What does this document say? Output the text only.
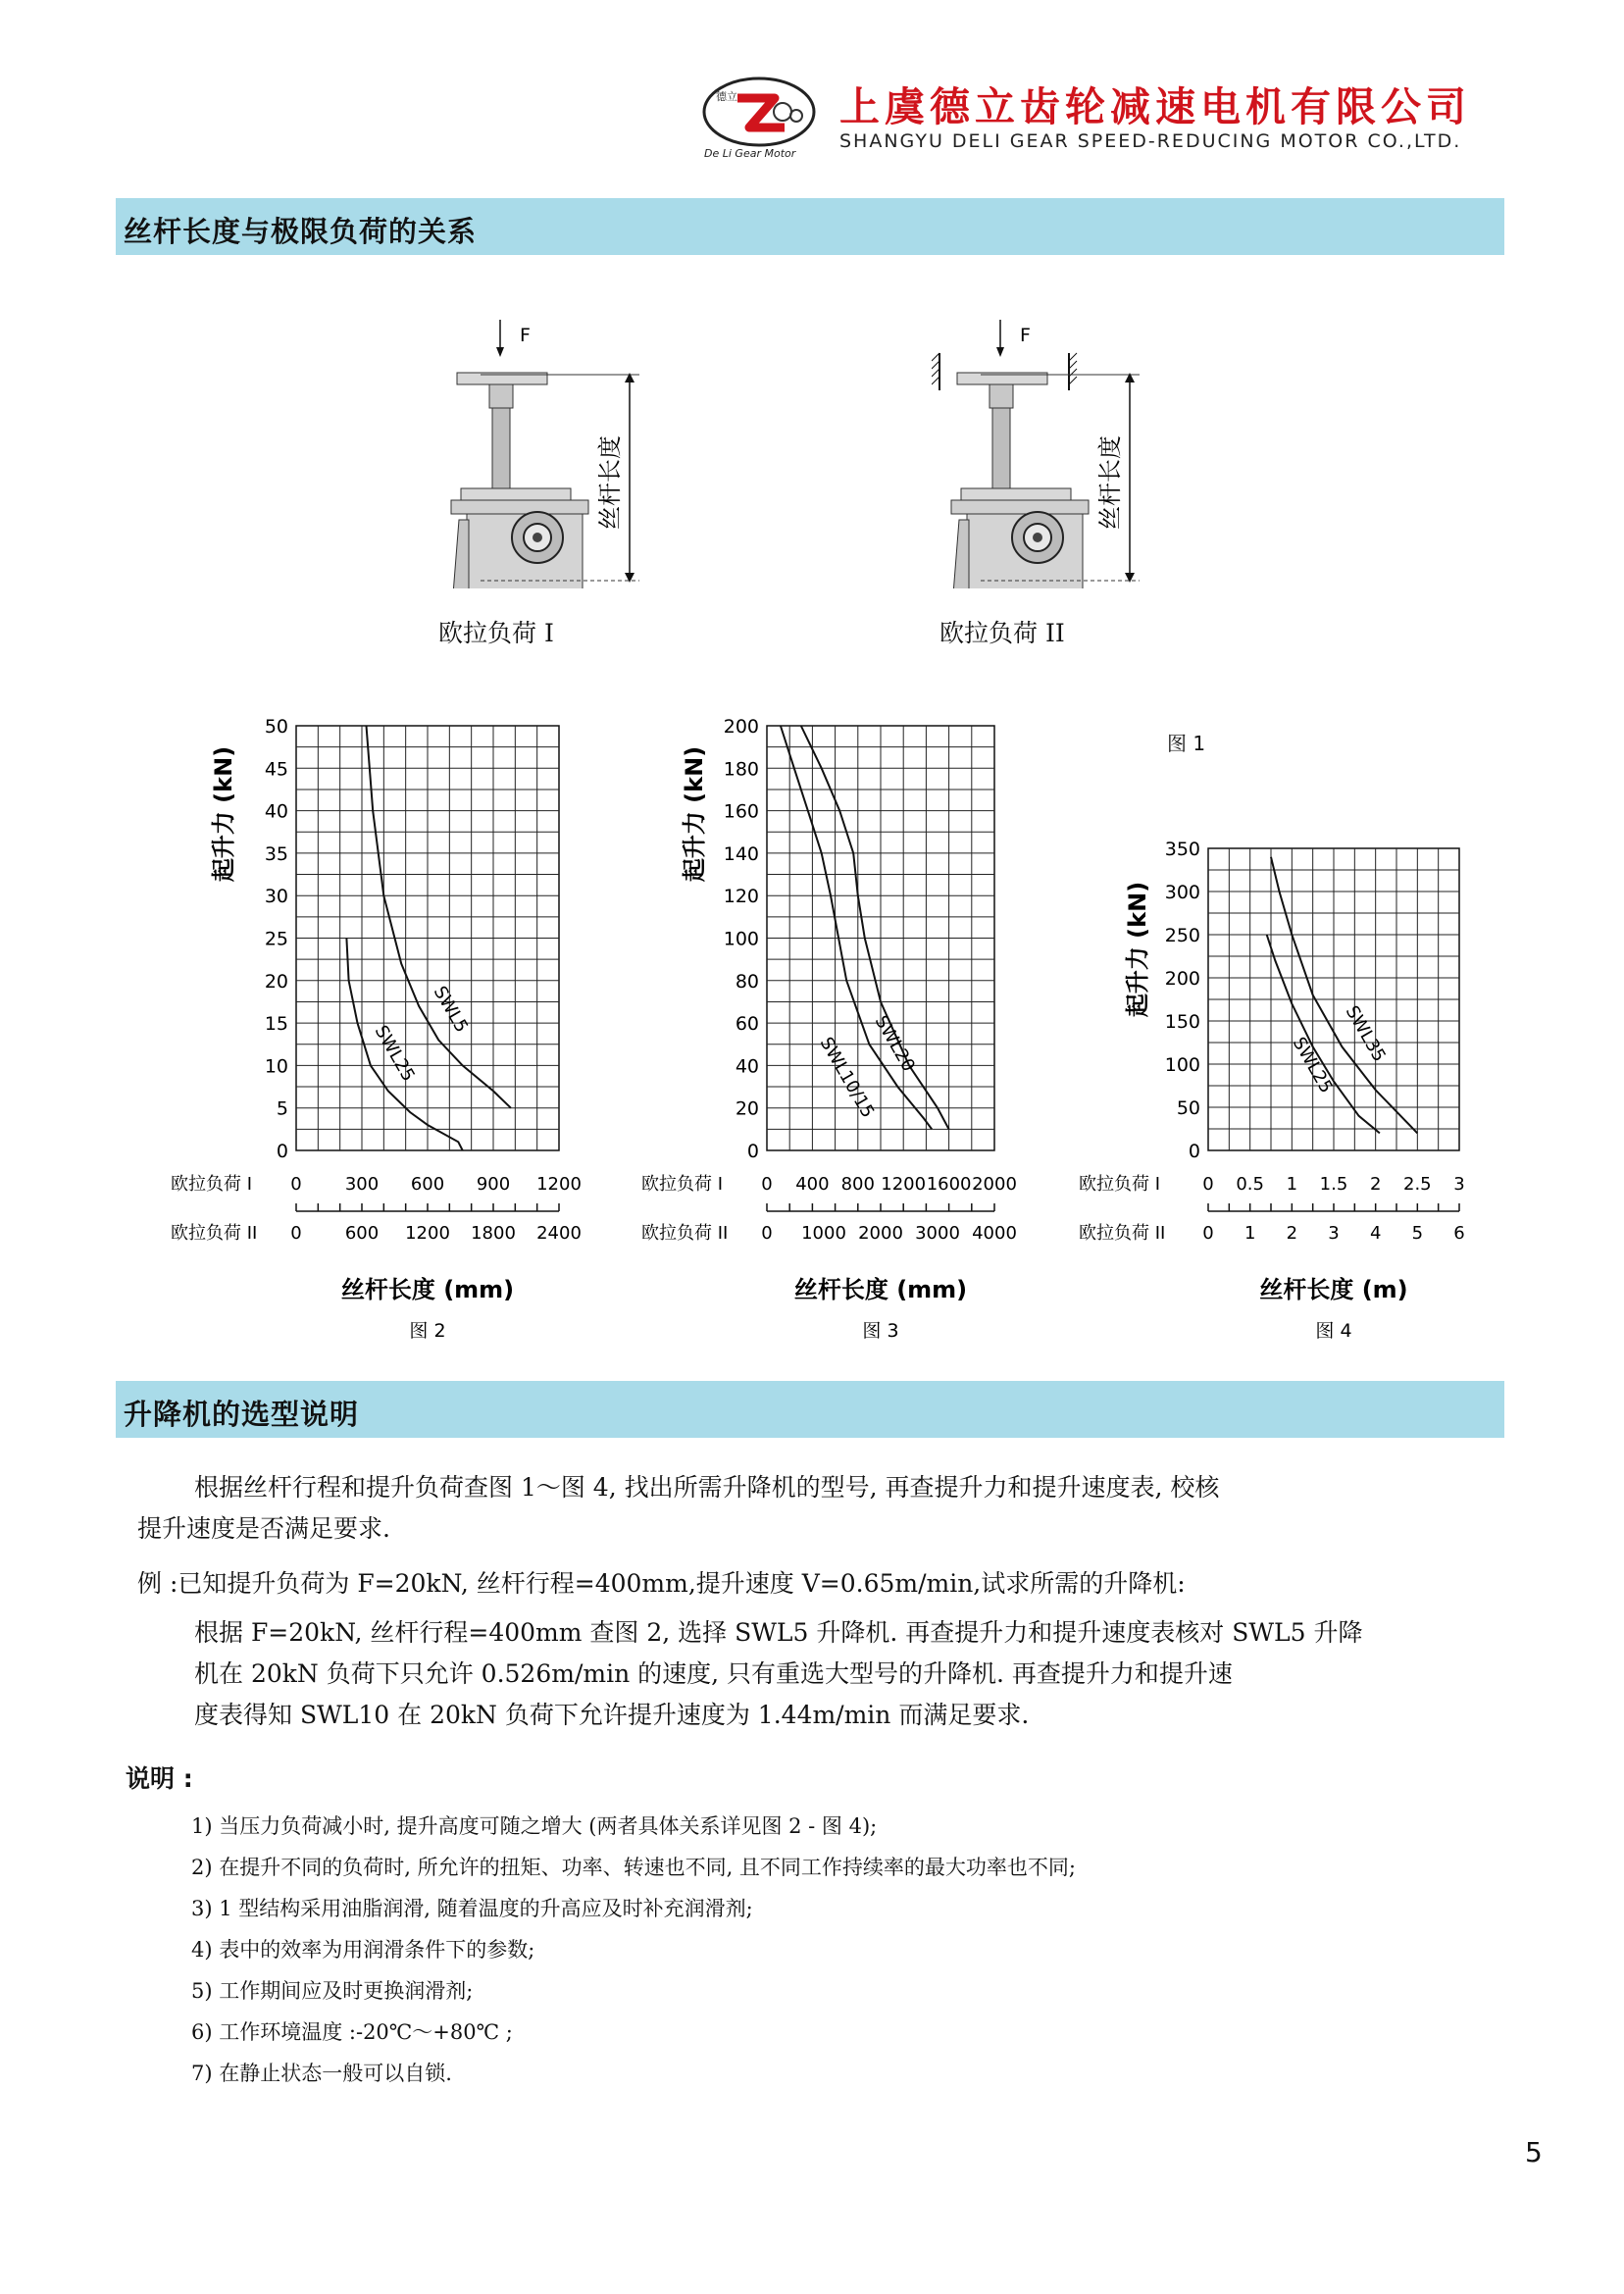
De Li Gear Motor
德立	上虞德立齿轮减速电机有限公司
SHANGYU DELI GEAR SPEED-REDUCING MOTOR CO.,LTD.
丝杆长度与极限负荷的关系
F
丝杆长度
欧拉负荷 I
F
丝杆长度
欧拉负荷 II
图 1
0
5
10
15
20
25
30
35
40
45
50
起升力 (kN)
SWL5
SWL25
欧拉负荷 I 0 300 600 900 1200
欧拉负荷 II 0 600 1200 1800 2400
丝杆长度 (mm)
图 2
0
20
40
60
80
100
120
140
160
180
200
起升力 (kN)
SWL20
SWL10/15
欧拉负荷 I 0 400 800 1200 1600 2000
欧拉负荷 II 0 1000 2000 3000 4000
丝杆长度 (mm)
图 3
0
50
100
150
200
250
300
350
起升力 (kN)
SWL35
SWL25
欧拉负荷 I 0 0.5 1 1.5 2 2.5 3
欧拉负荷 II 0 1 2 3 4 5 6
丝杆长度 (m)
图 4
升降机的选型说明
根据丝杆行程和提升负荷查图 1～图 4, 找出所需升降机的型号, 再查提升力和提升速度表, 校核
提升速度是否满足要求.
例 :已知提升负荷为 F=20kN, 丝杆行程=400mm,提升速度 V=0.65m/min,试求所需的升降机:
根据 F=20kN, 丝杆行程=400mm 查图 2, 选择 SWL5 升降机. 再查提升力和提升速度表核对 SWL5 升降
机在 20kN 负荷下只允许 0.526m/min 的速度, 只有重选大型号的升降机. 再查提升力和提升速
度表得知 SWL10 在 20kN 负荷下允许提升速度为 1.44m/min 而满足要求.
说明 :
1) 当压力负荷减小时, 提升高度可随之增大 (两者具体关系详见图 2 - 图 4);
2) 在提升不同的负荷时, 所允许的扭矩、功率、转速也不同, 且不同工作持续率的最大功率也不同;
3) 1 型结构采用油脂润滑, 随着温度的升高应及时补充润滑剂;
4) 表中的效率为用润滑条件下的参数;
5) 工作期间应及时更换润滑剂;
6) 工作环境温度 :-20℃～+80℃ ;
7) 在静止状态一般可以自锁.
5
